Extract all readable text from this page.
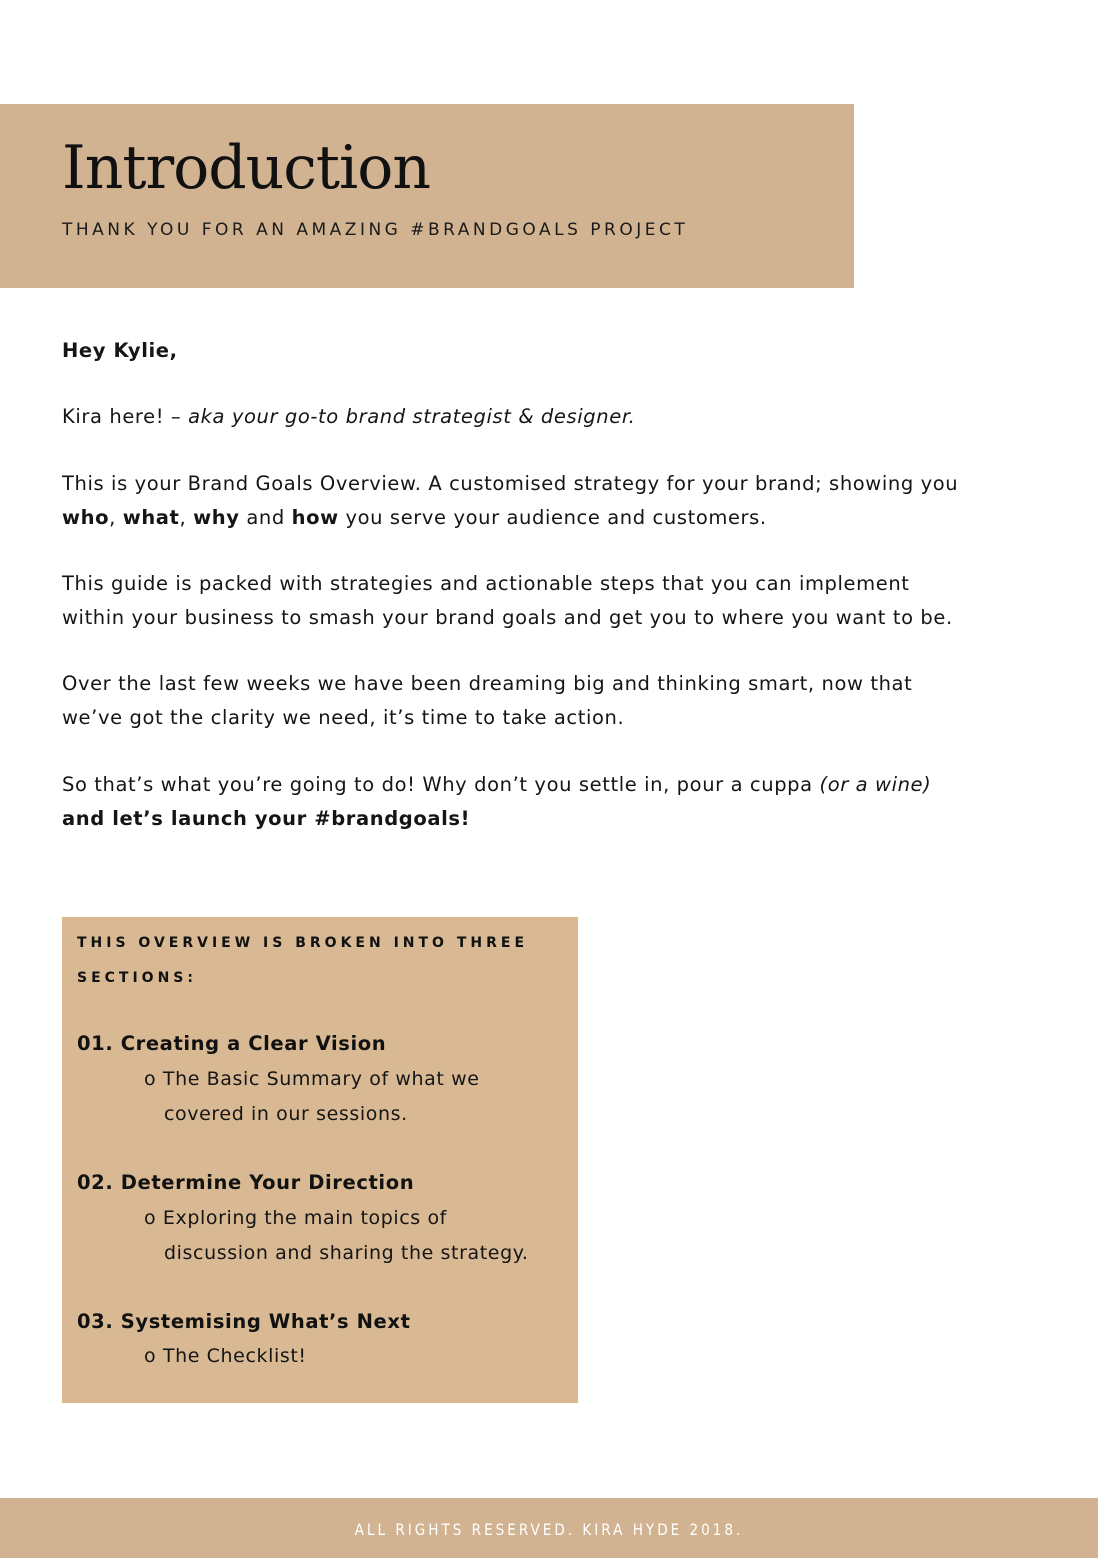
Introduction
THANK YOU FOR AN AMAZING #BRANDGOALS PROJECT
Hey Kylie,
Kira here! – aka your go-to brand strategist & designer.
This is your Brand Goals Overview. A customised strategy for your brand; showing you
who, what, why and how you serve your audience and customers.
This guide is packed with strategies and actionable steps that you can implement
within your business to smash your brand goals and get you to where you want to be.
Over the last few weeks we have been dreaming big and thinking smart, now that
we’ve got the clarity we need, it’s time to take action.
So that’s what you’re going to do! Why don’t you settle in, pour a cuppa (or a wine)
and let’s launch your #brandgoals!
THIS OVERVIEW IS BROKEN INTO THREE
SECTIONS:
01. Creating a Clear Vision
o The Basic Summary of what we
covered in our sessions.
02. Determine Your Direction
o Exploring the main topics of
discussion and sharing the strategy.
03. Systemising What’s Next
o The Checklist!
ALL RIGHTS RESERVED. KIRA HYDE 2018.
